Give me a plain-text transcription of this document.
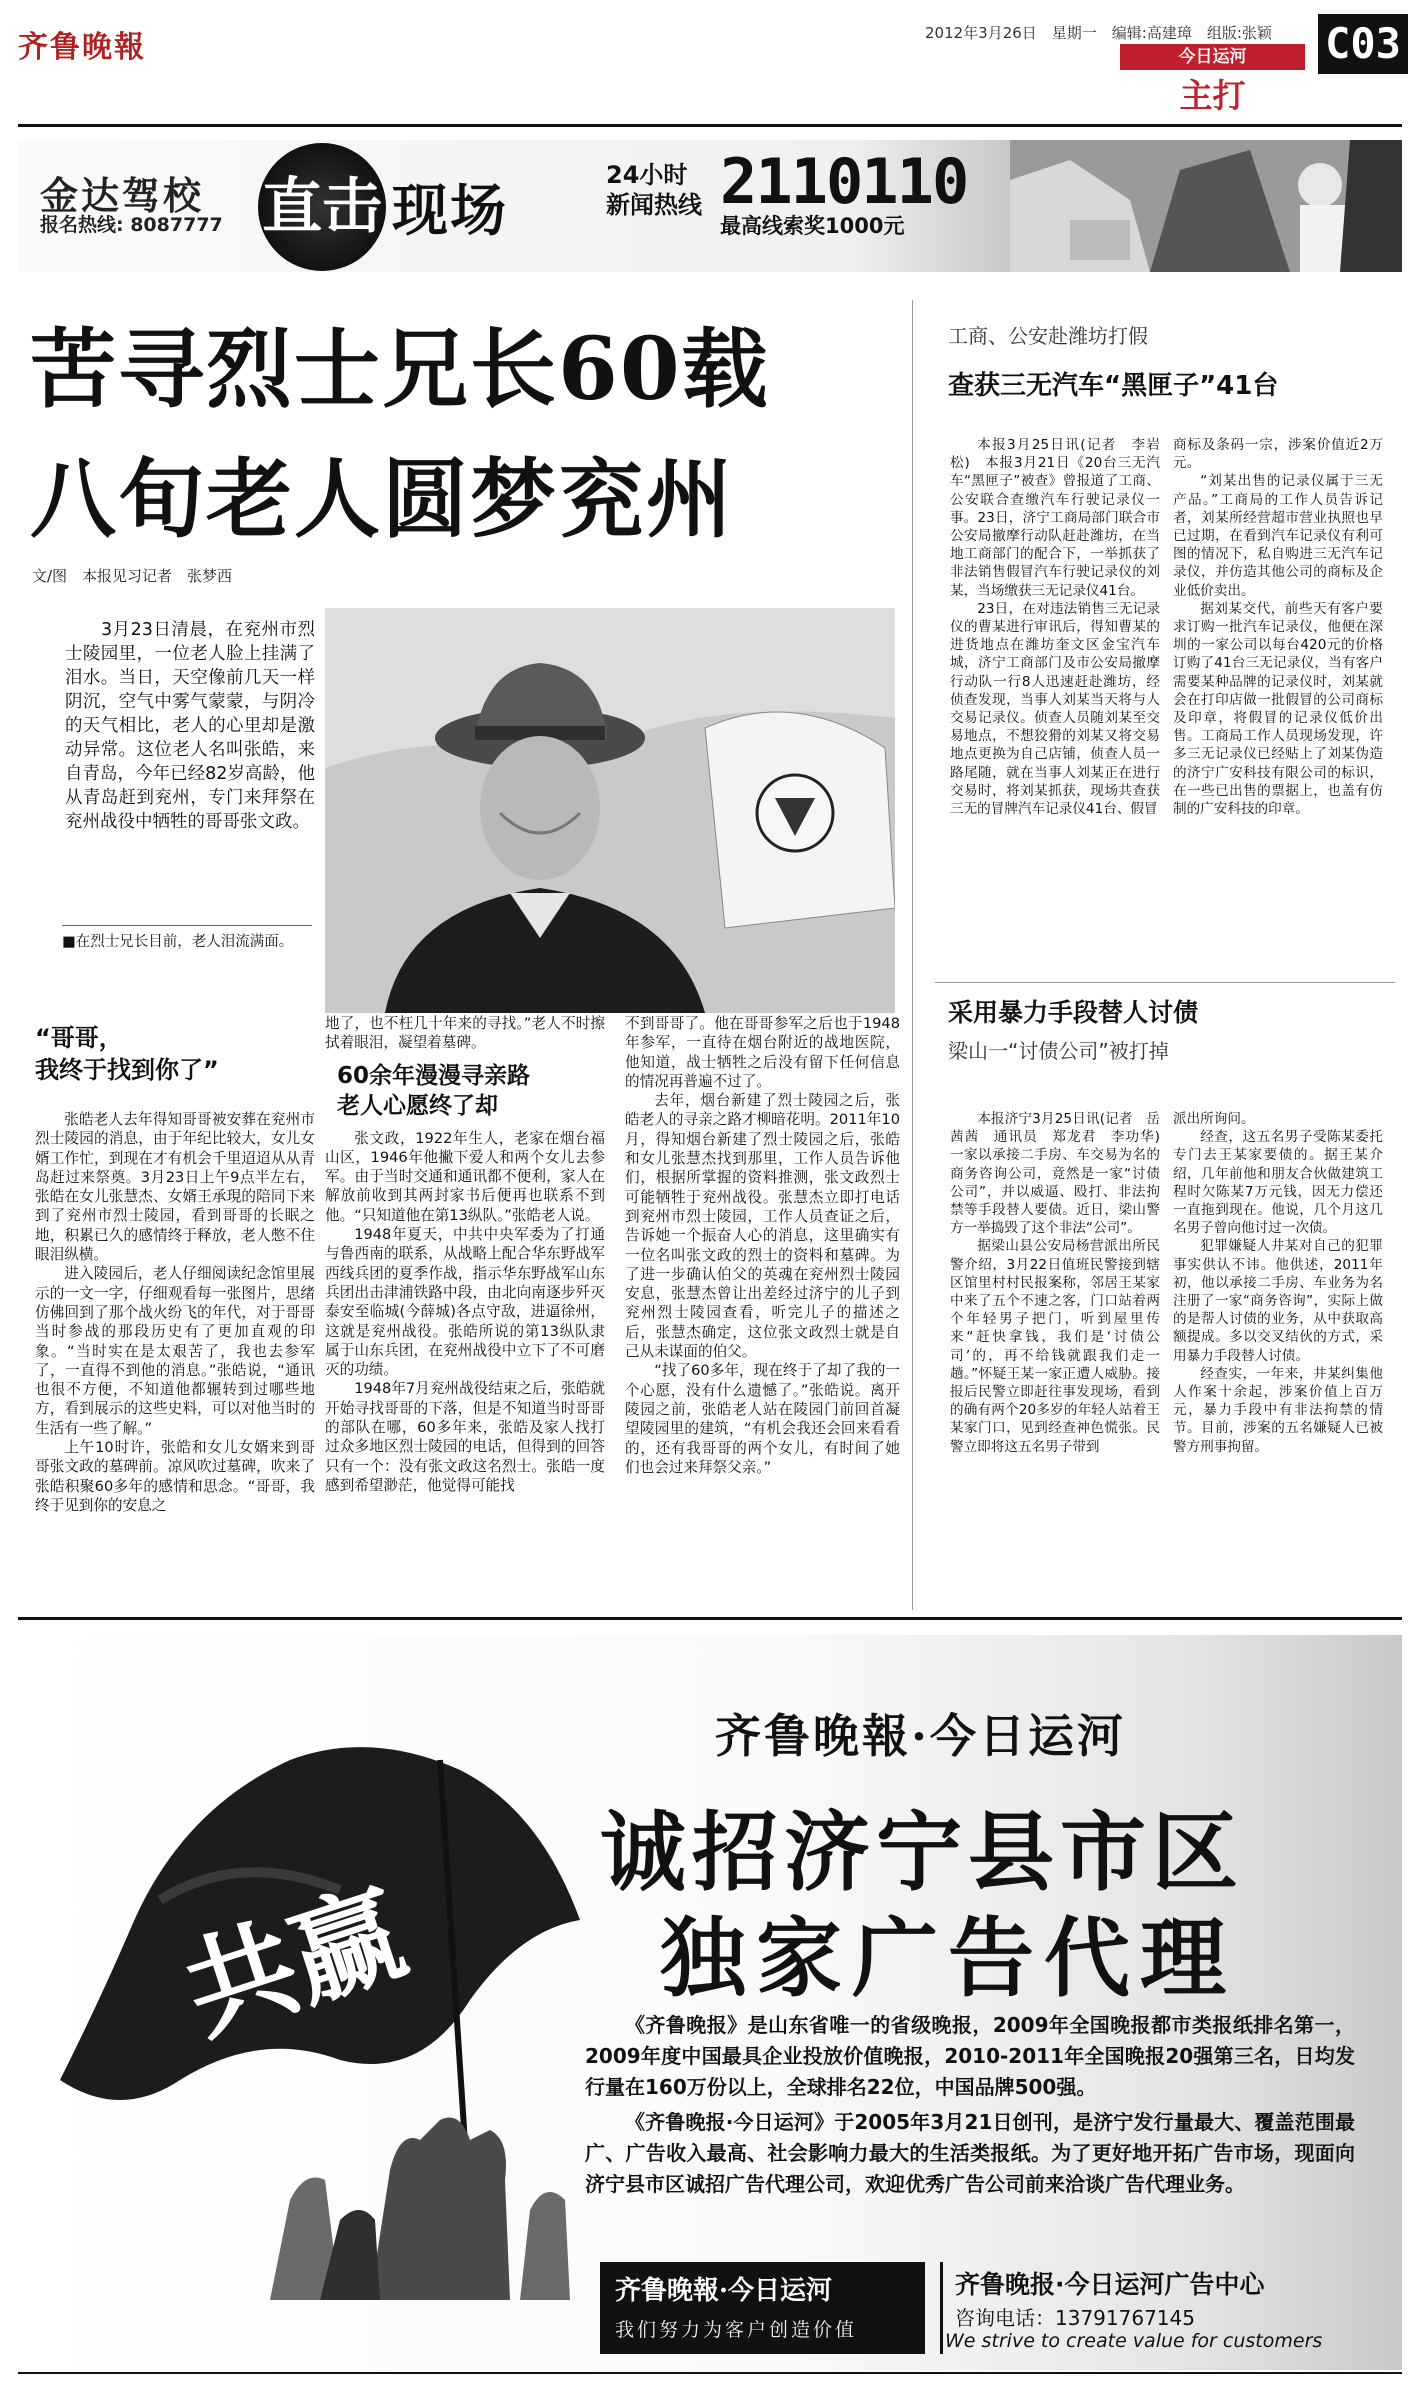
齐鲁晚報	2012年3月26日　星期一　编辑:高建璋　组版:张颖
今日运河
主打
C03
金达驾校
报名热线: 8087777 直击 现场
24小时 新闻热线 2110110
最高线索奖1000元
苦寻烈士兄长60载
八旬老人圆梦兖州
文/图　本报见习记者　张梦西
3月23日清晨，在兖州市烈士陵园里，一位老人脸上挂满了泪水。当日，天空像前几天一样阴沉，空气中雾气蒙蒙，与阴冷的天气相比，老人的心里却是激动异常。这位老人名叫张皓，来自青岛，今年已经82岁高龄，他从青岛赶到兖州，专门来拜祭在兖州战役中牺牲的哥哥张文政。
■在烈士兄长目前，老人泪流满面。
“哥哥，
我终于找到你了”

张皓老人去年得知哥哥被安葬在兖州市烈士陵园的消息，由于年纪比较大，女儿女婿工作忙，到现在才有机会千里迢迢从从青岛赶过来祭奠。3月23日上午9点半左右，张皓在女儿张慧杰、女婿王承現的陪同下来到了兖州市烈士陵园，看到哥哥的长眠之地，积累已久的感情终于释放，老人憋不住眼泪纵横。

进入陵园后，老人仔细阅读纪念馆里展示的一文一字，仔细观看每一张图片，思绪仿佛回到了那个战火纷飞的年代，对于哥哥当时参战的那段历史有了更加直观的印象。“当时实在是太艰苦了，我也去参军了，一直得不到他的消息。”张皓说，“通讯也很不方便，不知道他都辗转到过哪些地方，看到展示的这些史料，可以对他当时的生活有一些了解。”

上午10时许，张皓和女儿女婿来到哥哥张文政的墓碑前。凉风吹过墓碑，吹来了张皓积聚60多年的感情和思念。“哥哥，我终于见到你的安息之

地了，也不枉几十年来的寻找。”老人不时擦拭着眼泪，凝望着墓碑。

60余年漫漫寻亲路
老人心愿终了却

张文政，1922年生人，老家在烟台福山区，1946年他撇下爱人和两个女儿去参军。由于当时交通和通讯都不便利，家人在解放前收到其两封家书后便再也联系不到他。“只知道他在第13纵队。”张皓老人说。

1948年夏天，中共中央军委为了打通与鲁西南的联系，从战略上配合华东野战军西线兵团的夏季作战，指示华东野战军山东兵团出击津浦铁路中段，由北向南逐步歼灭泰安至临城(今薛城)各点守敌，进逼徐州，这就是兖州战役。张皓所说的第13纵队隶属于山东兵团，在兖州战役中立下了不可磨灭的功绩。

1948年7月兖州战役结束之后，张皓就开始寻找哥哥的下落，但是不知道当时哥哥的部队在哪，60多年来，张皓及家人找打过众多地区烈士陵园的电话，但得到的回答只有一个：没有张文政这名烈士。张皓一度感到希望渺茫，他觉得可能找

不到哥哥了。他在哥哥参军之后也于1948年参军，一直待在烟台附近的战地医院，他知道，战士牺牲之后没有留下任何信息的情况再普遍不过了。

去年，烟台新建了烈士陵园之后，张皓老人的寻亲之路才柳暗花明。2011年10月，得知烟台新建了烈士陵园之后，张皓和女儿张慧杰找到那里，工作人员告诉他们，根据所掌握的资料推测，张文政烈士可能牺牲于兖州战役。张慧杰立即打电话到兖州市烈士陵园，工作人员查证之后，告诉她一个振奋人心的消息，这里确实有一位名叫张文政的烈士的资料和墓碑。为了进一步确认伯父的英魂在兖州烈士陵园安息，张慧杰曾让出差经过济宁的儿子到兖州烈士陵园查看，听完儿子的描述之后，张慧杰确定，这位张文政烈士就是自己从未谋面的伯父。

“找了60多年，现在终于了却了我的一个心愿，没有什么遗憾了。”张皓说。离开陵园之前，张皓老人站在陵园门前回首凝望陵园里的建筑，“有机会我还会回来看看的，还有我哥哥的两个女儿，有时间了她们也会过来拜祭父亲。”

工商、公安赴潍坊打假
查获三无汽车“黑匣子”41台

本报3月25日讯(记者　李岩松)　本报3月21日《20台三无汽车“黑匣子”被查》曾报道了工商、公安联合查缴汽车行驶记录仪一事。23日，济宁工商局部门联合市公安局撤摩行动队赶赴潍坊，在当地工商部门的配合下，一举抓获了非法销售假冒汽车行驶记录仪的刘某，当场缴获三无记录仪41台。

23日，在对违法销售三无记录仪的曹某进行审讯后，得知曹某的进货地点在潍坊奎文区金宝汽车城，济宁工商部门及市公安局撤摩行动队一行8人迅速赶赴潍坊，经侦查发现，当事人刘某当天将与人交易记录仪。侦查人员随刘某至交易地点，不想狡猾的刘某又将交易地点更换为自己店铺，侦查人员一路尾随，就在当事人刘某正在进行交易时，将刘某抓获，现场共查获三无的冒牌汽车记录仪41台、假冒

商标及条码一宗，涉案价值近2万元。

“刘某出售的记录仪属于三无产品。”工商局的工作人员告诉记者，刘某所经营超市营业执照也早已过期，在看到汽车记录仪有利可图的情况下，私自购进三无汽车记录仪，并仿造其他公司的商标及企业低价卖出。

据刘某交代，前些天有客户要求订购一批汽车记录仪，他便在深圳的一家公司以每台420元的价格订购了41台三无记录仪，当有客户需要某种品牌的记录仪时，刘某就会在打印店做一批假冒的公司商标及印章，将假冒的记录仪低价出售。工商局工作人员现场发现，许多三无记录仪已经贴上了刘某伪造的济宁广安科技有限公司的标识，在一些已出售的票据上，也盖有仿制的广安科技的印章。

采用暴力手段替人讨债
梁山一“讨债公司”被打掉

本报济宁3月25日讯(记者　岳茜茜　通讯员　郑龙君　李功华)　一家以承接二手房、车交易为名的商务咨询公司，竟然是一家“讨债公司”，并以威逼、殴打、非法拘禁等手段替人要债。近日，梁山警方一举捣毁了这个非法“公司”。

据梁山县公安局杨营派出所民警介绍，3月22日值班民警接到辖区馆里村村民报案称，邻居王某家中来了五个不速之客，门口站着两个年轻男子把门，听到屋里传来“赶快拿钱，我们是‘讨债公司’的，再不给钱就跟我们走一趟。”怀疑王某一家正遭人威胁。接报后民警立即赶往事发现场，看到的确有两个20多岁的年轻人站着王某家门口，见到经查神色慌张。民警立即将这五名男子带到

派出所询问。

经查，这五名男子受陈某委托专门去王某家要债的。据王某介绍，几年前他和朋友合伙做建筑工程时欠陈某7万元钱，因无力偿还一直拖到现在。他说，几个月这几名男子曾向他讨过一次债。

犯罪嫌疑人井某对自己的犯罪事实供认不讳。他供述，2011年初，他以承接二手房、车业务为名注册了一家“商务咨询”，实际上做的是帮人讨债的业务，从中获取高额提成。多以交叉结伙的方式，采用暴力手段替人讨债。

经查实，一年来，井某纠集他人作案十余起，涉案价值上百万元，暴力手段中有非法拘禁的情节。目前，涉案的五名嫌疑人已被警方刑事拘留。

共赢
齐鲁晚報·今日运河
诚招济宁县市区
独家广告代理

《齐鲁晚报》是山东省唯一的省级晚报，2009年全国晚报都市类报纸排名第一，2009年度中国最具企业投放价值晚报，2010-2011年全国晚报20强第三名，日均发行量在160万份以上，全球排名22位，中国品牌500强。

《齐鲁晚报·今日运河》于2005年3月21日创刊，是济宁发行量最大、覆盖范围最广、广告收入最高、社会影响力最大的生活类报纸。为了更好地开拓广告市场，现面向济宁县市区诚招广告代理公司，欢迎优秀广告公司前来洽谈广告代理业务。

齐鲁晚報·今日运河
我们努力为客户创造价值
齐鲁晚报·今日运河广告中心
咨询电话：13791767145
We strive to create value for customers
